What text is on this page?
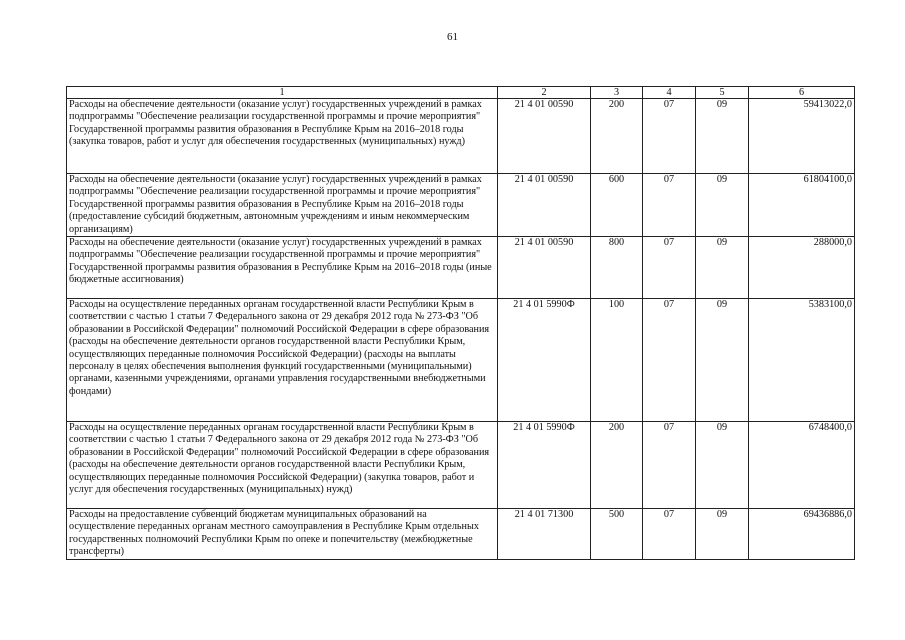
61
1	2	3	4	5	6
Расходы на обеспечение деятельности (оказание услуг) государственных учреждений в рамках подпрограммы "Обеспечение реализации государственной программы и прочие мероприятия" Государственной программы развития образования в Республике Крым на 2016–2018 годы (закупка товаров, работ и услуг для обеспечения государственных (муниципальных) нужд)	21 4 01 00590	200	07	09	59413022,0
Расходы на обеспечение деятельности (оказание услуг) государственных учреждений в рамках подпрограммы "Обеспечение реализации государственной программы и прочие мероприятия" Государственной программы развития образования в Республике Крым на 2016–2018 годы (предоставление субсидий бюджетным, автономным учреждениям и иным некоммерческим организациям)	21 4 01 00590	600	07	09	61804100,0
Расходы на обеспечение деятельности (оказание услуг) государственных учреждений в рамках подпрограммы "Обеспечение реализации государственной программы и прочие мероприятия" Государственной программы развития образования в Республике Крым на 2016–2018 годы (иные бюджетные ассигнования)	21 4 01 00590	800	07	09	288000,0
Расходы на осуществление переданных органам государственной власти Республики Крым в соответствии с частью 1 статьи 7 Федерального закона от 29 декабря 2012 года № 273-ФЗ "Об образовании в Российской Федерации" полномочий Российской Федерации в сфере образования (расходы на обеспечение деятельности органов государственной власти Республики Крым, осуществляющих переданные полномочия Российской Федерации) (расходы на выплаты персоналу в целях обеспечения выполнения функций государственными (муниципальными) органами, казенными учреждениями, органами управления государственными внебюджетными фондами)	21 4 01 5990Ф	100	07	09	5383100,0
Расходы на осуществление переданных органам государственной власти Республики Крым в соответствии с частью 1 статьи 7 Федерального закона от 29 декабря 2012 года № 273-ФЗ "Об образовании в Российской Федерации" полномочий Российской Федерации в сфере образования (расходы на обеспечение деятельности органов государственной власти Республики Крым, осуществляющих переданные полномочия Российской Федерации) (закупка товаров, работ и услуг для обеспечения государственных (муниципальных) нужд)	21 4 01 5990Ф	200	07	09	6748400,0
Расходы на предоставление субвенций бюджетам муниципальных образований на осуществление переданных органам местного самоуправления в Республике Крым отдельных государственных полномочий Республики Крым по опеке и попечительству (межбюджетные трансферты)	21 4 01 71300	500	07	09	69436886,0
